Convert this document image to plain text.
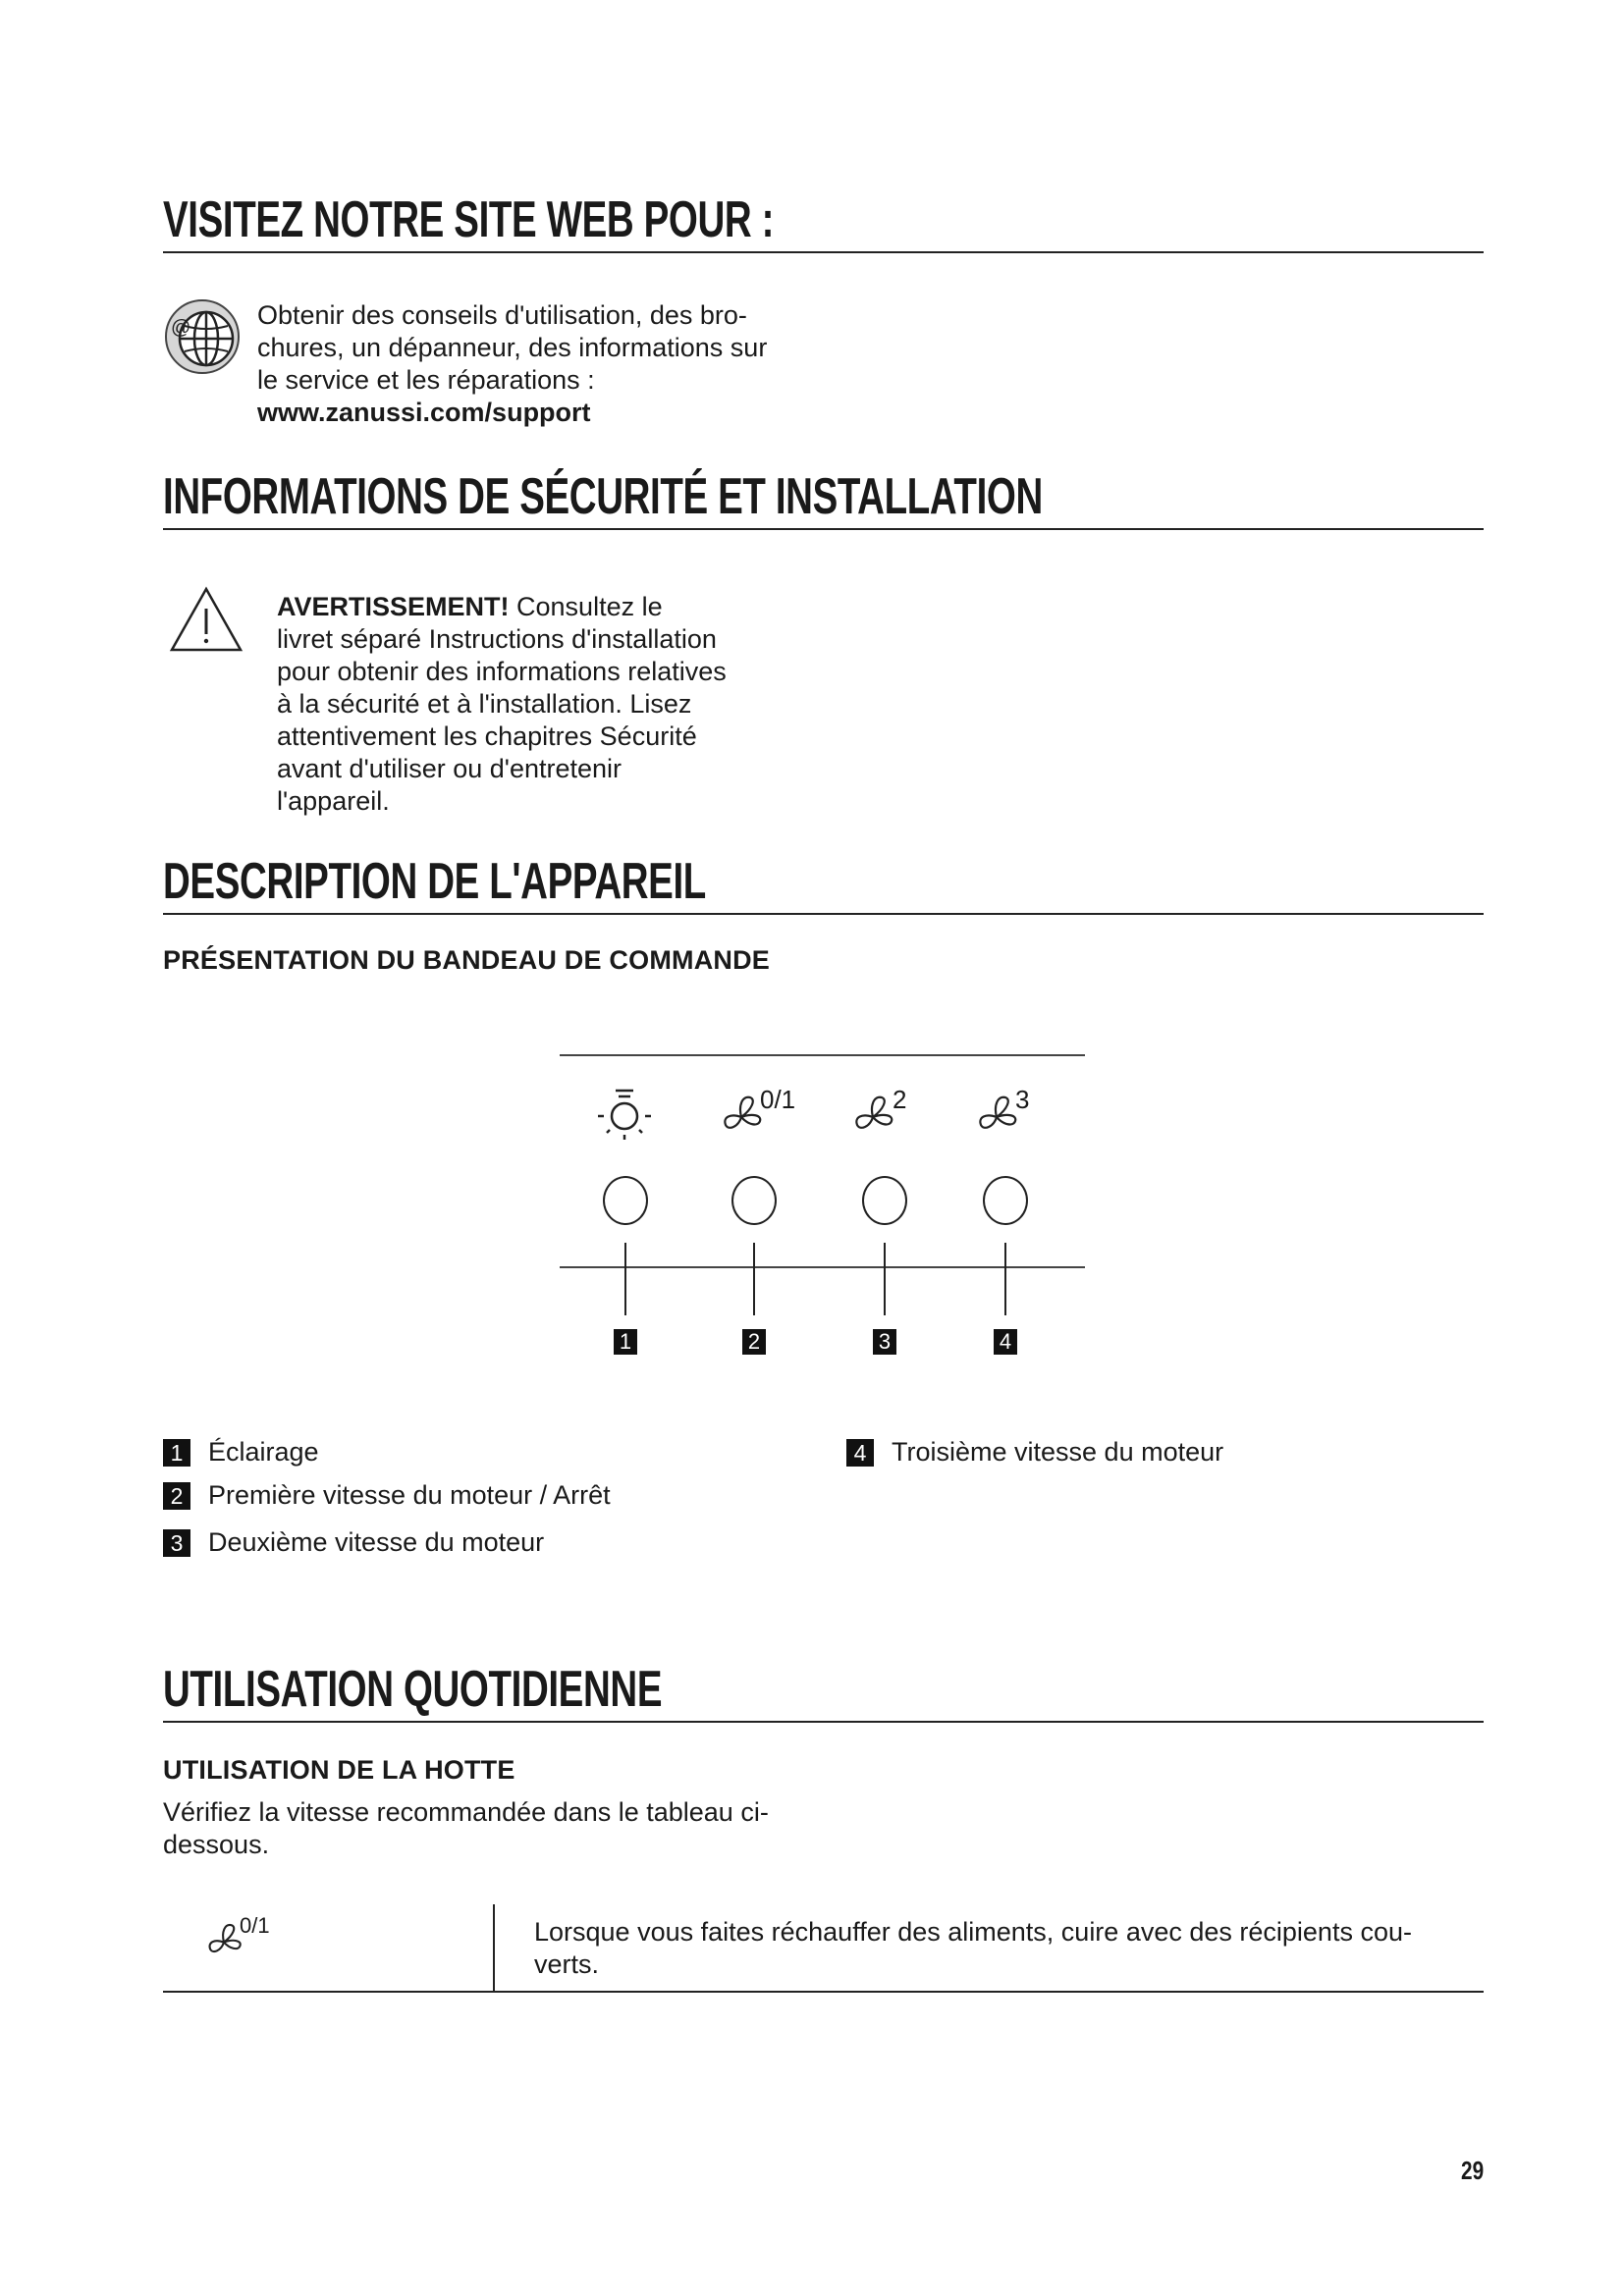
VISITEZ NOTRE SITE WEB POUR :
@	Obtenir des conseils d'utilisation, des bro-
chures, un dépanneur, des informations sur
le service et les réparations :
www.zanussi.com/support
INFORMATIONS DE SÉCURITÉ ET INSTALLATION
AVERTISSEMENT! Consultez le
livret séparé Instructions d'installation
pour obtenir des informations relatives
à la sécurité et à l'installation. Lisez
attentivement les chapitres Sécurité
avant d'utiliser ou d'entretenir
l'appareil.
DESCRIPTION DE L'APPAREIL
PRÉSENTATION DU BANDEAU DE COMMANDE
0/1	2	3
1	2	3	4
1 Éclairage
2 Première vitesse du moteur / Arrêt
3 Deuxième vitesse du moteur
4 Troisième vitesse du moteur
UTILISATION QUOTIDIENNE
UTILISATION DE LA HOTTE
Vérifiez la vitesse recommandée dans le tableau ci-
dessous.
0/1	Lorsque vous faites réchauffer des aliments, cuire avec des récipients cou-
verts.
29
